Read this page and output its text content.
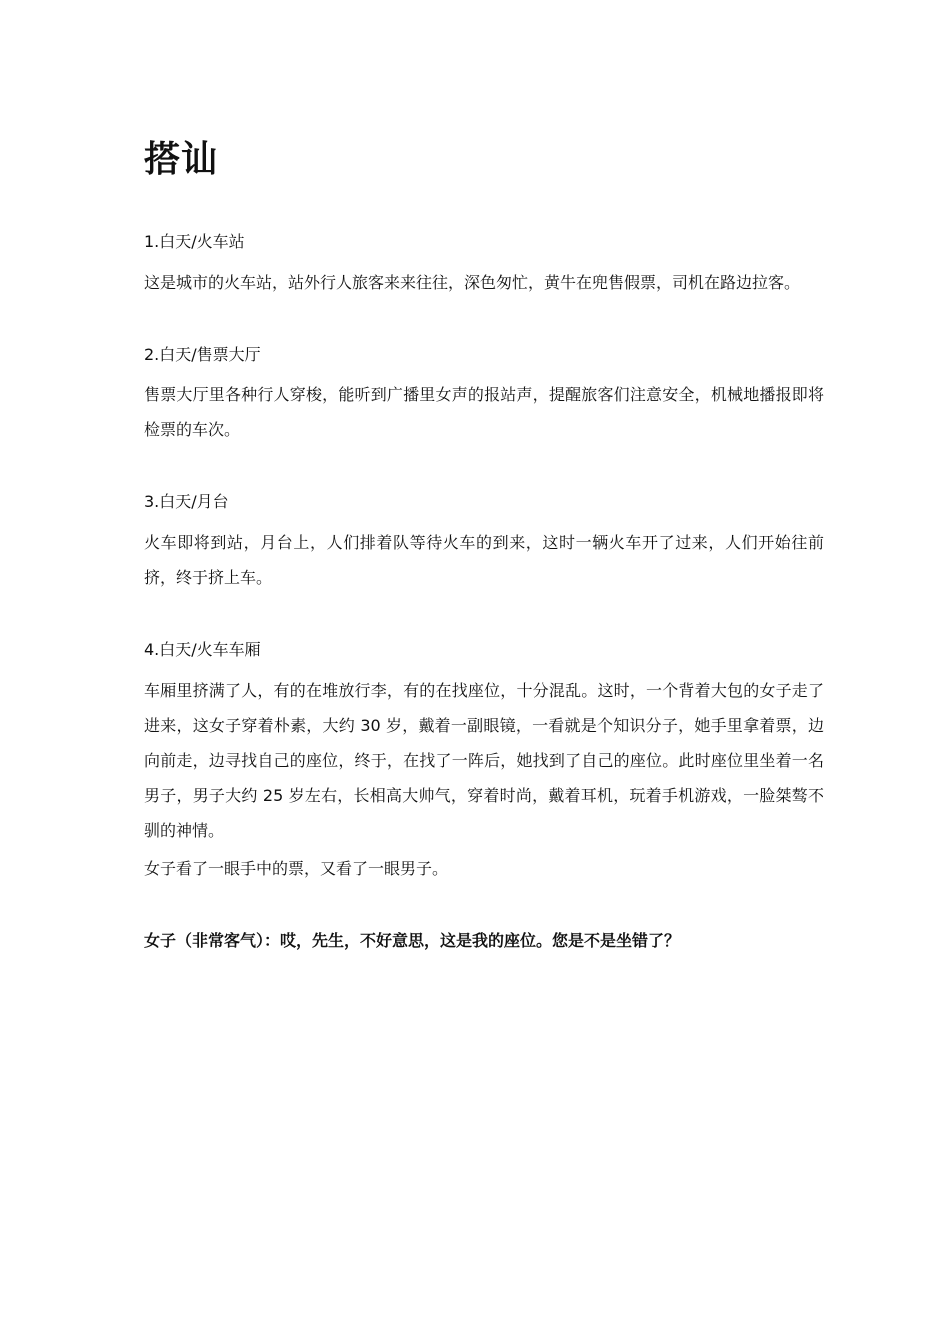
搭讪
1.白天/火车站

这是城市的火车站，站外行人旅客来来往往，深色匆忙，黄牛在兜售假票，司机在路边拉客。

2.白天/售票大厅

售票大厅里各种行人穿梭，能听到广播里女声的报站声，提醒旅客们注意安全，机械地播报即将检票的车次。

3.白天/月台

火车即将到站，月台上，人们排着队等待火车的到来，这时一辆火车开了过来，人们开始往前挤，终于挤上车。

4.白天/火车车厢

车厢里挤满了人，有的在堆放行李，有的在找座位，十分混乱。这时，一个背着大包的女子走了进来，这女子穿着朴素，大约 30 岁，戴着一副眼镜，一看就是个知识分子，她手里拿着票，边向前走，边寻找自己的座位，终于，在找了一阵后，她找到了自己的座位。此时座位里坐着一名男子，男子大约 25 岁左右，长相高大帅气，穿着时尚，戴着耳机，玩着手机游戏，一脸桀骜不驯的神情。

女子看了一眼手中的票，又看了一眼男子。

女子（非常客气）：哎，先生，不好意思，这是我的座位。您是不是坐错了？
